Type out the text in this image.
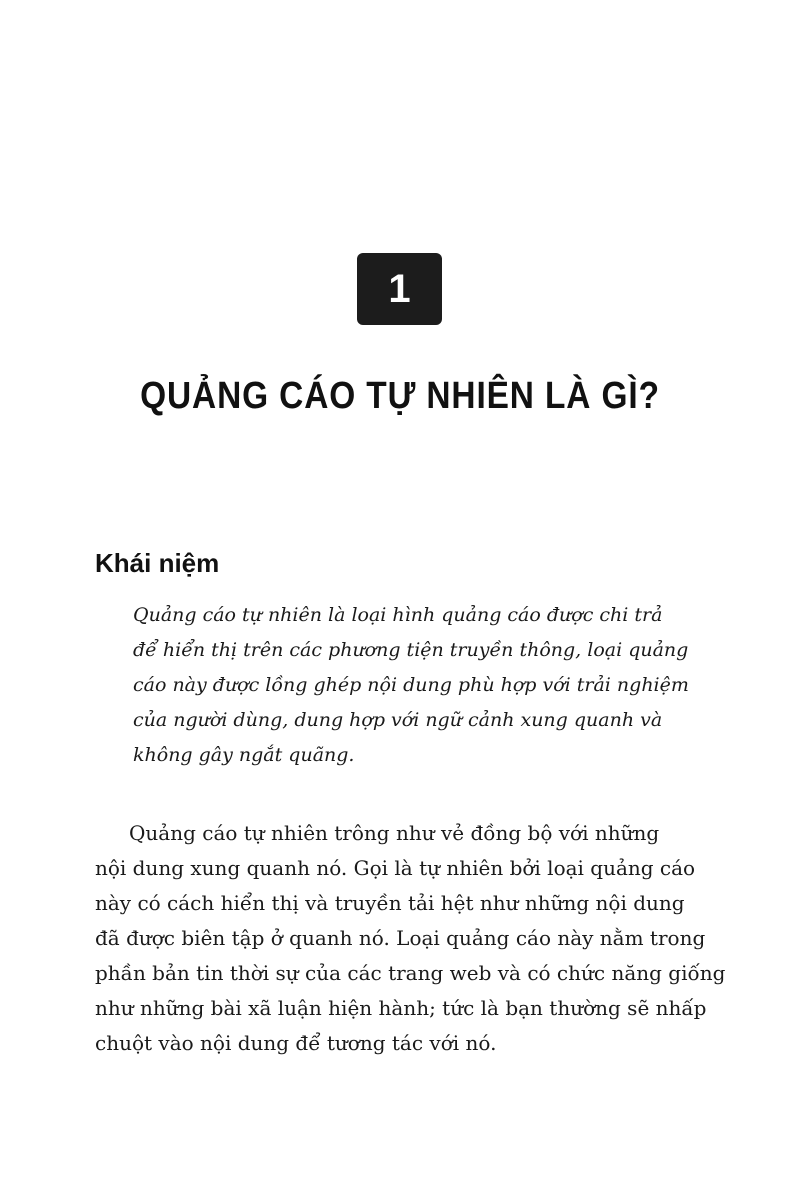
1
QUẢNG CÁO TỰ NHIÊN LÀ GÌ?
Khái niệm
Quảng cáo tự nhiên là loại hình quảng cáo được chi trả
để hiển thị trên các phương tiện truyền thông, loại quảng
cáo này được lồng ghép nội dung phù hợp với trải nghiệm
của người dùng, dung hợp với ngữ cảnh xung quanh và
không gây ngắt quãng.
Quảng cáo tự nhiên trông như vẻ đồng bộ với những
nội dung xung quanh nó. Gọi là tự nhiên bởi loại quảng cáo
này có cách hiển thị và truyền tải hệt như những nội dung
đã được biên tập ở quanh nó. Loại quảng cáo này nằm trong
phần bản tin thời sự của các trang web và có chức năng giống
như những bài xã luận hiện hành; tức là bạn thường sẽ nhấp
chuột vào nội dung để tương tác với nó.
